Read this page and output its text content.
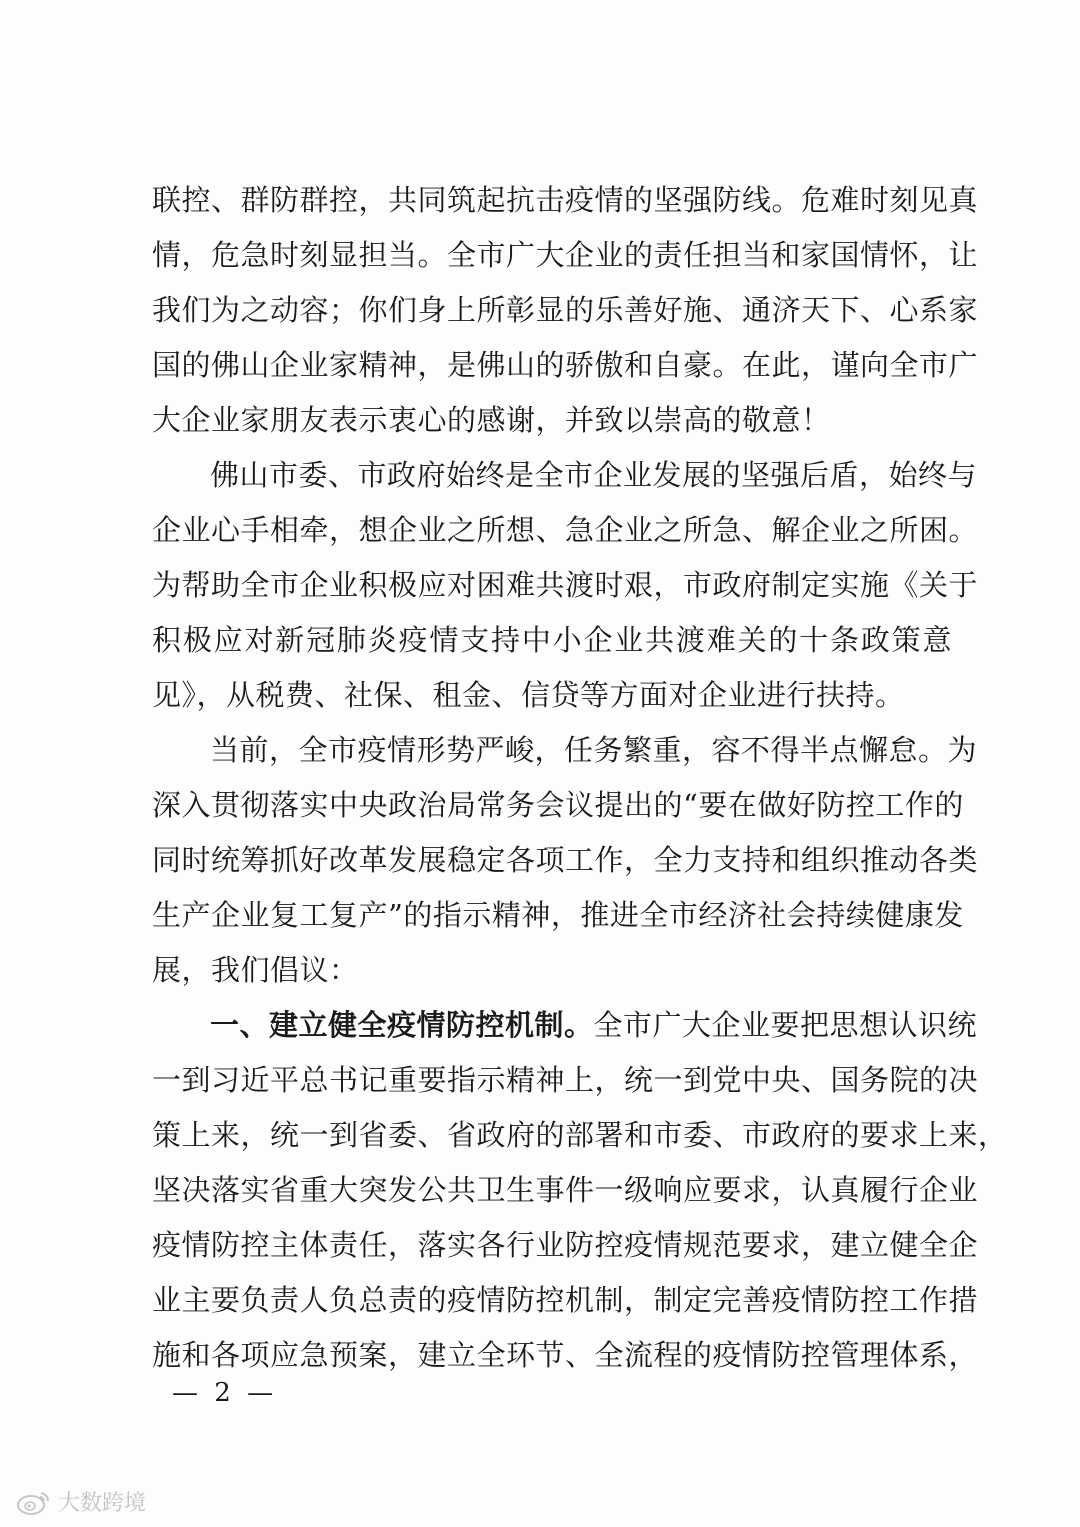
联控、群防群控，共同筑起抗击疫情的坚强防线。危难时刻见真
情，危急时刻显担当。全市广大企业的责任担当和家国情怀，让
我们为之动容；你们身上所彰显的乐善好施、通济天下、心系家
国的佛山企业家精神，是佛山的骄傲和自豪。在此，谨向全市广
大企业家朋友表示衷心的感谢，并致以崇高的敬意！
佛山市委、市政府始终是全市企业发展的坚强后盾，始终与
企业心手相牵，想企业之所想、急企业之所急、解企业之所困。
为帮助全市企业积极应对困难共渡时艰，市政府制定实施《关于
积极应对新冠肺炎疫情支持中小企业共渡难关的十条政策意
见》，从税费、社保、租金、信贷等方面对企业进行扶持。
当前，全市疫情形势严峻，任务繁重，容不得半点懈怠。为
深入贯彻落实中央政治局常务会议提出的“要在做好防控工作的
同时统筹抓好改革发展稳定各项工作，全力支持和组织推动各类
生产企业复工复产”的指示精神，推进全市经济社会持续健康发
展，我们倡议：
一、建立健全疫情防控机制。全市广大企业要把思想认识统
一到习近平总书记重要指示精神上，统一到党中央、国务院的决
策上来，统一到省委、省政府的部署和市委、市政府的要求上来，
坚决落实省重大突发公共卫生事件一级响应要求，认真履行企业
疫情防控主体责任，落实各行业防控疫情规范要求，建立健全企
业主要负责人负总责的疫情防控机制，制定完善疫情防控工作措
施和各项应急预案，建立全环节、全流程的疫情防控管理体系，
— 2 —
大数跨境
